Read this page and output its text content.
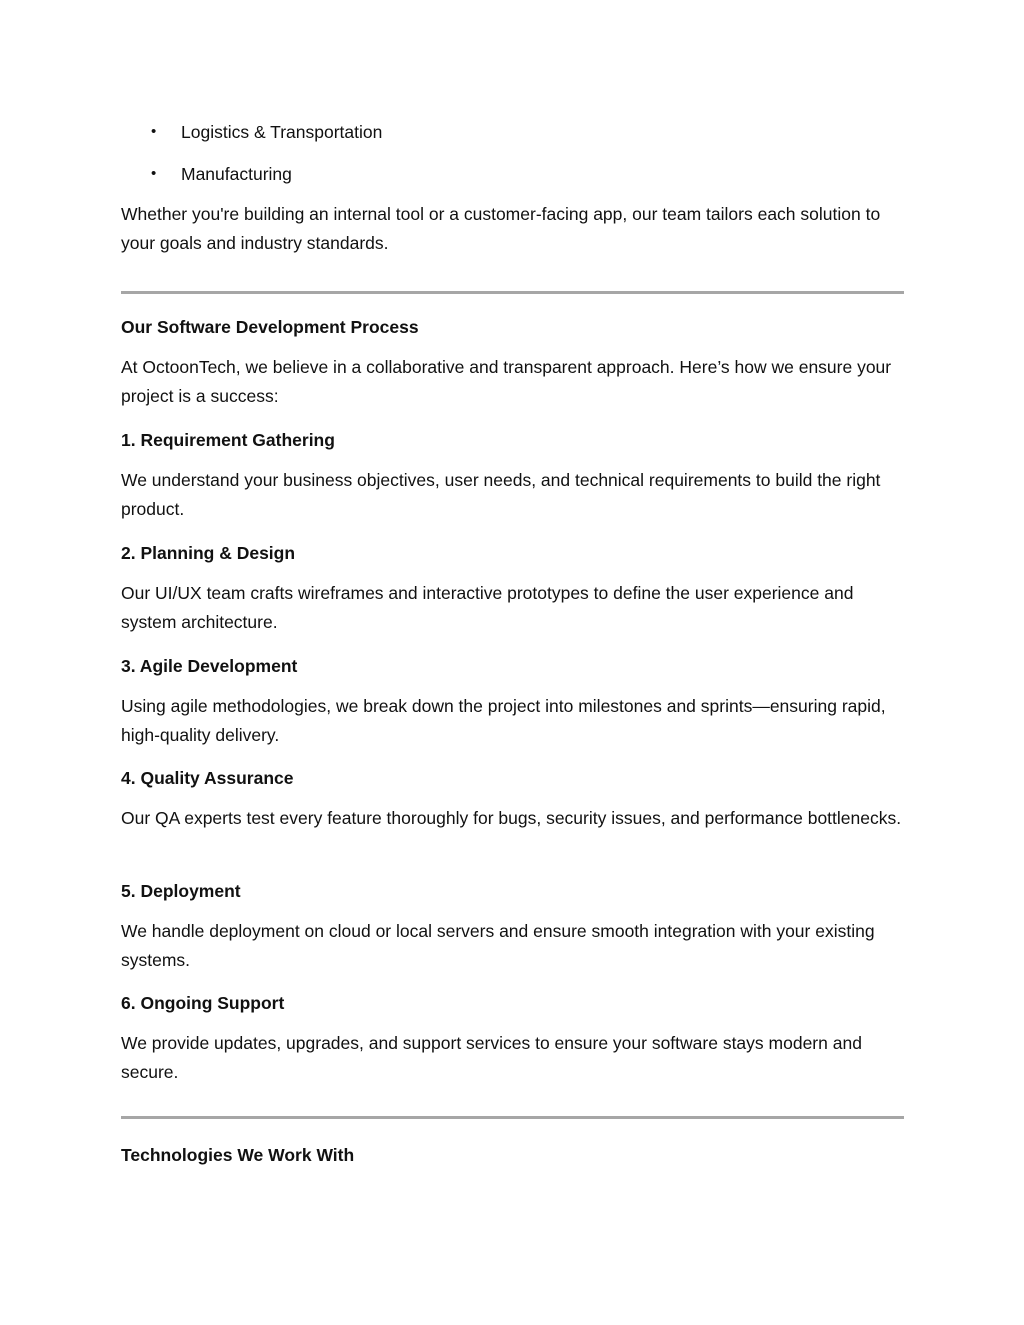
•	Logistics & Transportation
•	Manufacturing

Whether you're building an internal tool or a customer-facing app, our team tailors each solution to your goals and industry standards.

Our Software Development Process

At OctoonTech, we believe in a collaborative and transparent approach. Here’s how we ensure your project is a success:

1. Requirement Gathering

We understand your business objectives, user needs, and technical requirements to build the right product.

2. Planning & Design

Our UI/UX team crafts wireframes and interactive prototypes to define the user experience and system architecture.

3. Agile Development

Using agile methodologies, we break down the project into milestones and sprints—ensuring rapid, high-quality delivery.

4. Quality Assurance

Our QA experts test every feature thoroughly for bugs, security issues, and performance bottlenecks.

5. Deployment

We handle deployment on cloud or local servers and ensure smooth integration with your existing systems.

6. Ongoing Support

We provide updates, upgrades, and support services to ensure your software stays modern and secure.

Technologies We Work With
